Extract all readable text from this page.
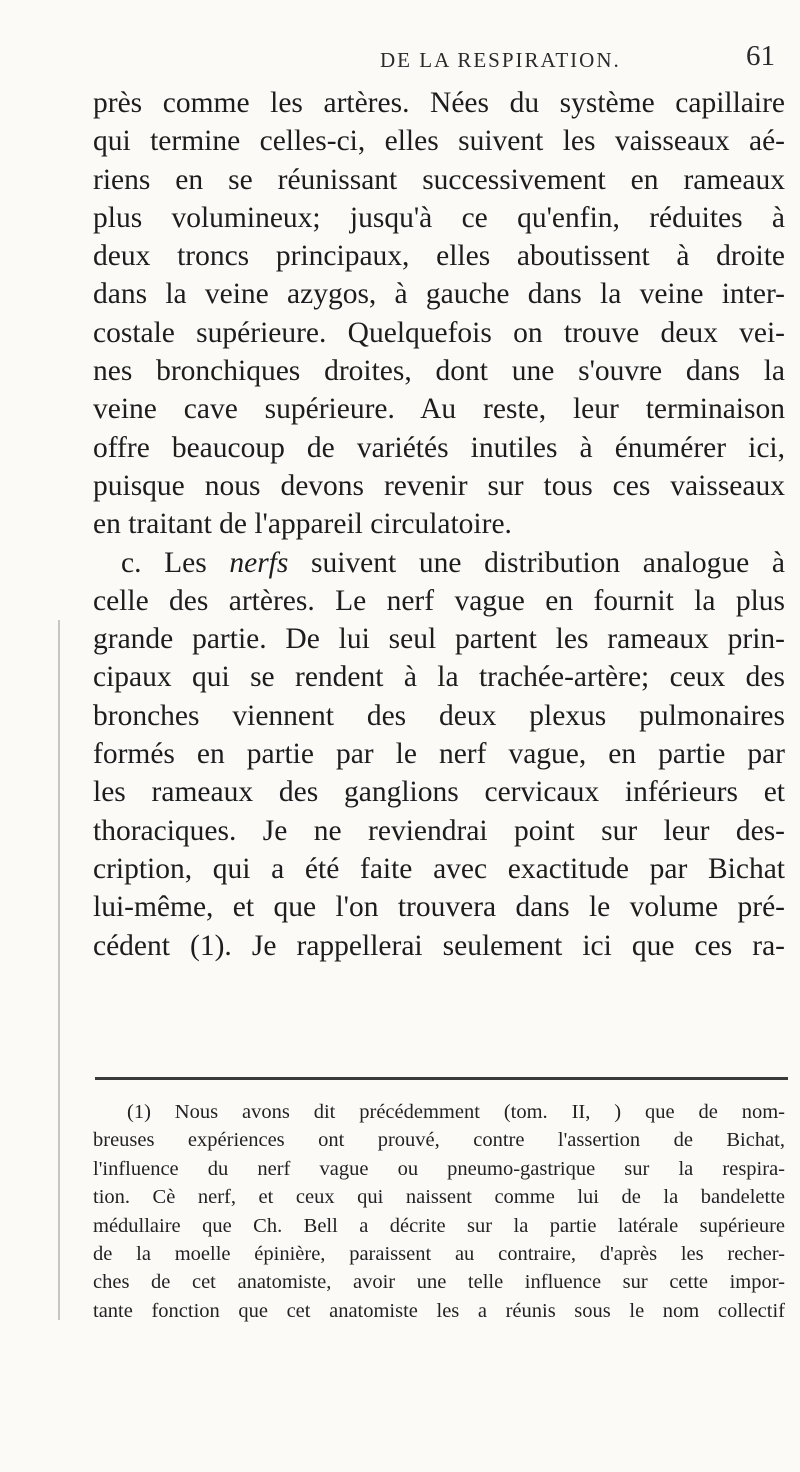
DE LA RESPIRATION.	61
près comme les artères. Nées du système capillaire
qui termine celles-ci, elles suivent les vaisseaux aé-
riens en se réunissant successivement en rameaux
plus volumineux; jusqu'à ce qu'enfin, réduites à
deux troncs principaux, elles aboutissent à droite
dans la veine azygos, à gauche dans la veine inter-
costale supérieure. Quelquefois on trouve deux vei-
nes bronchiques droites, dont une s'ouvre dans la
veine cave supérieure. Au reste, leur terminaison
offre beaucoup de variétés inutiles à énumérer ici,
puisque nous devons revenir sur tous ces vaisseaux
en traitant de l'appareil circulatoire.
c. Les nerfs suivent une distribution analogue à
celle des artères. Le nerf vague en fournit la plus
grande partie. De lui seul partent les rameaux prin-
cipaux qui se rendent à la trachée-artère; ceux des
bronches viennent des deux plexus pulmonaires
formés en partie par le nerf vague, en partie par
les rameaux des ganglions cervicaux inférieurs et
thoraciques. Je ne reviendrai point sur leur des-
cription, qui a été faite avec exactitude par Bichat
lui-même, et que l'on trouvera dans le volume pré-
cédent (1). Je rappellerai seulement ici que ces ra-
(1) Nous avons dit précédemment (tom. II, ) que de nom-
breuses expériences ont prouvé, contre l'assertion de Bichat,
l'influence du nerf vague ou pneumo-gastrique sur la respira-
tion. Cè nerf, et ceux qui naissent comme lui de la bandelette
médullaire que Ch. Bell a décrite sur la partie latérale supérieure
de la moelle épinière, paraissent au contraire, d'après les recher-
ches de cet anatomiste, avoir une telle influence sur cette impor-
tante fonction que cet anatomiste les a réunis sous le nom collectif
